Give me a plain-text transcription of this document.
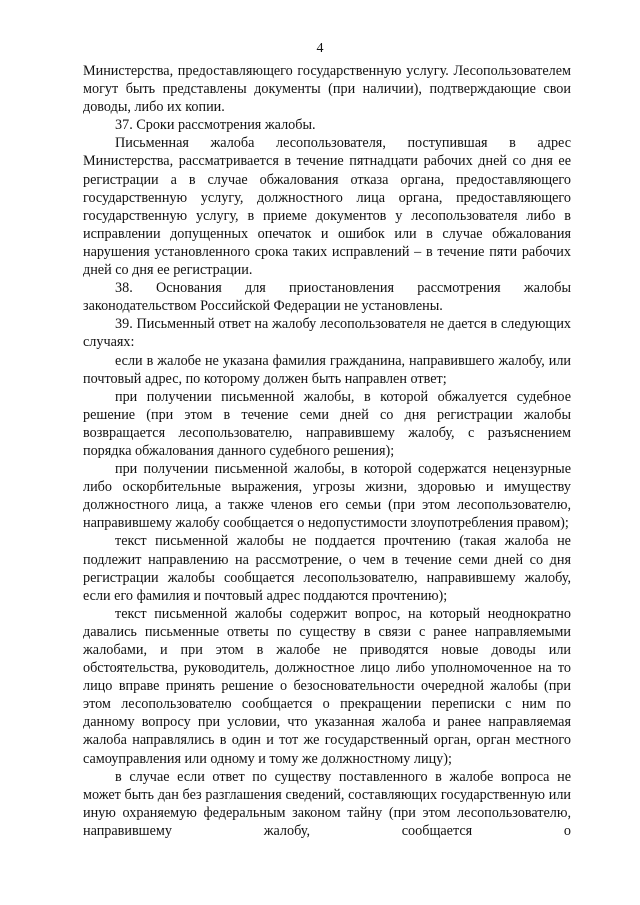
4

Министерства, предоставляющего государственную услугу. Лесопользователем могут быть представлены документы (при наличии), подтверждающие свои доводы, либо их копии.

37. Сроки рассмотрения жалобы.

Письменная жалоба лесопользователя, поступившая в адрес Министерства, рассматривается в течение пятнадцати рабочих дней со дня ее регистрации а в случае обжалования отказа органа, предоставляющего государственную услугу, должностного лица органа, предоставляющего государственную услугу, в приеме документов у лесопользователя либо в исправлении допущенных опечаток и ошибок или в случае обжалования нарушения установленного срока таких исправлений – в течение пяти рабочих дней со дня ее регистрации.

38. Основания для приостановления рассмотрения жалобы законодательством Российской Федерации не установлены.

39. Письменный ответ на жалобу лесопользователя не дается в следующих случаях:

если в жалобе не указана фамилия гражданина, направившего жалобу, или почтовый адрес, по которому должен быть направлен ответ;

при получении письменной жалобы, в которой обжалуется судебное решение (при этом в течение семи дней со дня регистрации жалобы возвращается лесопользователю, направившему жалобу, с разъяснением порядка обжалования данного судебного решения);

при получении письменной жалобы, в которой содержатся нецензурные либо оскорбительные выражения, угрозы жизни, здоровью и имуществу должностного лица, а также членов его семьи (при этом лесопользователю, направившему жалобу сообщается о недопустимости злоупотребления правом);

текст письменной жалобы не поддается прочтению (такая жалоба не подлежит направлению на рассмотрение, о чем в течение семи дней со дня регистрации жалобы сообщается лесопользователю, направившему жалобу, если его фамилия и почтовый адрес поддаются прочтению);

текст письменной жалобы содержит вопрос, на который неоднократно давались письменные ответы по существу в связи с ранее направляемыми жалобами, и при этом в жалобе не приводятся новые доводы или обстоятельства, руководитель, должностное лицо либо уполномоченное на то лицо вправе принять решение о безосновательности очередной жалобы (при этом лесопользователю сообщается о прекращении переписки с ним по данному вопросу при условии, что указанная жалоба и ранее направляемая жалоба направлялись в один и тот же государственный орган, орган местного самоуправления или одному и тому же должностному лицу);

в случае если ответ по существу поставленного в жалобе вопроса не может быть дан без разглашения сведений, составляющих государственную или иную охраняемую федеральным законом тайну (при этом лесопользователю, направившему жалобу, сообщается о
